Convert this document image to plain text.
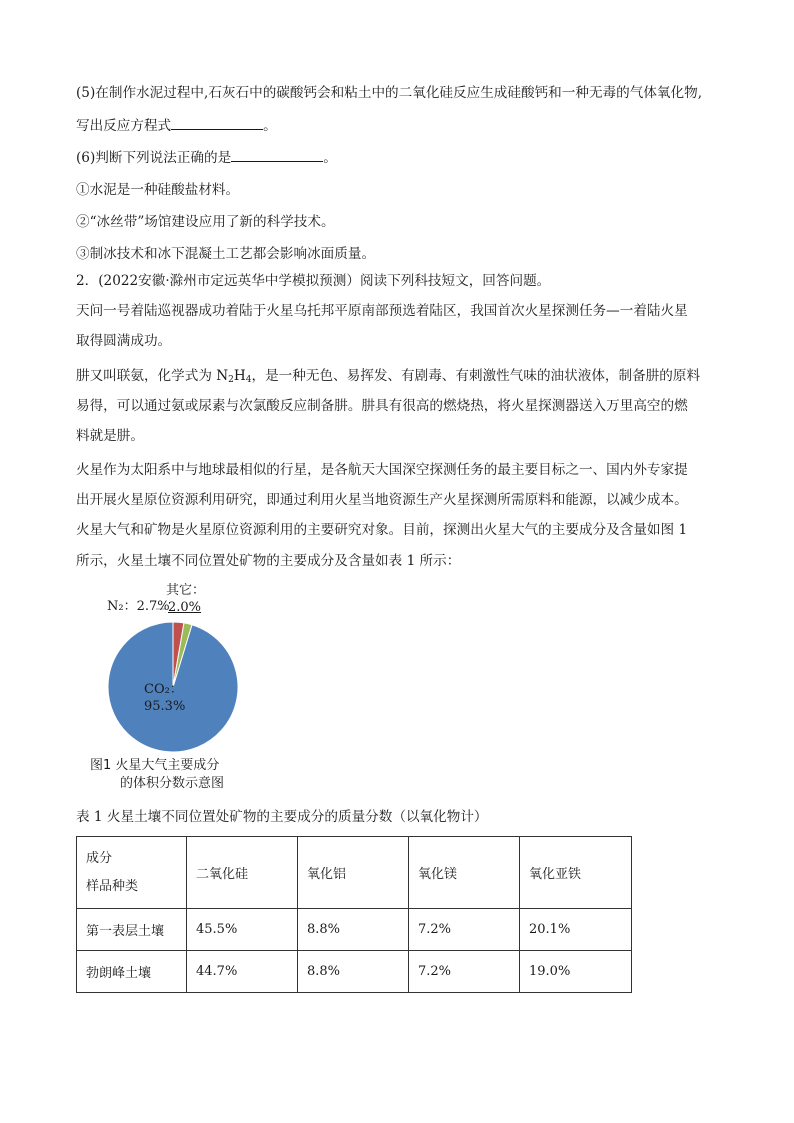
(5)在制作水泥过程中,石灰石中的碳酸钙会和粘土中的二氧化硅反应生成硅酸钙和一种无毒的气体氧化物,
写出反应方程式	。
(6)判断下列说法正确的是	。
①水泥是一种硅酸盐材料。
②“冰丝带”场馆建设应用了新的科学技术。
③制冰技术和冰下混凝土工艺都会影响冰面质量。
2．(2022安徽·滁州市定远英华中学模拟预测）阅读下列科技短文，回答问题。
天问一号着陆巡视器成功着陆于火星乌托邦平原南部预选着陆区，我国首次火星探测任务—一着陆火星
取得圆满成功。
肼又叫联氨，化学式为 $N_2H_4$，是一种无色、易挥发、有剧毒、有刺激性气味的油状液体，制备肼的原料
易得，可以通过氨或尿素与次氯酸反应制备肼。肼具有很高的燃烧热，将火星探测器送入万里高空的燃
料就是肼。
火星作为太阳系中与地球最相似的行星，是各航天大国深空探测任务的最主要目标之一、国内外专家提
出开展火星原位资源利用研究，即通过利用火星当地资源生产火星探测所需原料和能源，以减少成本。
火星大气和矿物是火星原位资源利用的主要研究对象。目前，探测出火星大气的主要成分及含量如图 1
所示，火星土壤不同位置处矿物的主要成分及含量如表 1 所示：
其它：
2.0%
N₂：2.7%
CO₂：
95.3%
图1 火星大气主要成分
的体积分数示意图
表 1 火星土壤不同位置处矿物的主要成分的质量分数（以氧化物计）
成分
样品种类	二氧化硅	氧化铝	氧化镁	氧化亚铁
第一表层土壤	45.5%	8.8%	7.2%	20.1%
勃朗峰土壤	44.7%	8.8%	7.2%	19.0%
